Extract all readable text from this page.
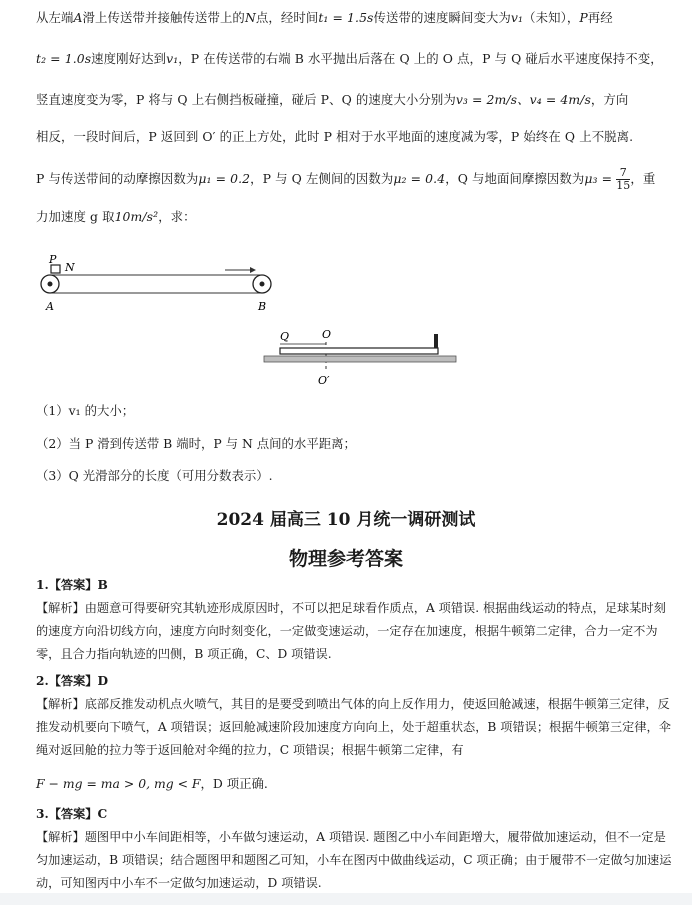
从左端A滑上传送带并接触传送带上的N点，经时间t₁ = 1.5s传送带的速度瞬间变大为v₁（未知），P再经

t₂ = 1.0s速度刚好达到v₁，P 在传送带的右端 B 水平抛出后落在 Q 上的 O 点，P 与 Q 碰后水平速度保持不变，

竖直速度变为零，P 将与 Q 上右侧挡板碰撞，碰后 P、Q 的速度大小分别为v₃ = 2m/s、v₄ = 4m/s，方向

相反，一段时间后，P 返回到 O′ 的正上方处，此时 P 相对于水平地面的速度减为零，P 始终在 Q 上不脱离.

P 与传送带间的动摩擦因数为μ₁ = 0.2，P 与 Q 左侧间的因数为μ₂ = 0.4，Q 与地面间摩擦因数为$\mu_3 = \frac{7}{15}$ ，重

力加速度 g 取10m/s²，求：

P
N
A	B
Q	O
O′
（1）v₁ 的大小；
（2）当 P 滑到传送带 B 端时，P 与 N 点间的水平距离；
（3）Q 光滑部分的长度（可用分数表示）.
2024 届高三 10 月统一调研测试
物理参考答案
1.【答案】B
【解析】由题意可得要研究其轨迹形成原因时，不可以把足球看作质点，A 项错误. 根据曲线运动的特点，足球某时刻的速度方向沿切线方向，速度方向时刻变化，一定做变速运动，一定存在加速度，根据牛顿第二定律，合力一定不为零，且合力指向轨迹的凹侧，B 项正确，C、D 项错误.
2.【答案】D
【解析】底部反推发动机点火喷气，其目的是要受到喷出气体的向上反作用力，使返回舱减速，根据牛顿第三定律，反推发动机要向下喷气，A 项错误；返回舱减速阶段加速度方向向上，处于超重状态，B 项错误；根据牛顿第三定律，伞绳对返回舱的拉力等于返回舱对伞绳的拉力，C 项错误；根据牛顿第二定律，有
F − mg = ma > 0, mg < F，D 项正确.
3.【答案】C
【解析】题图甲中小车间距相等，小车做匀速运动，A 项错误. 题图乙中小车间距增大，履带做加速运动，但不一定是匀加速运动，B 项错误；结合题图甲和题图乙可知，小车在图丙中做曲线运动，C 项正确；由于履带不一定做匀加速运动，可知图丙中小车不一定做匀加速运动，D 项错误.
